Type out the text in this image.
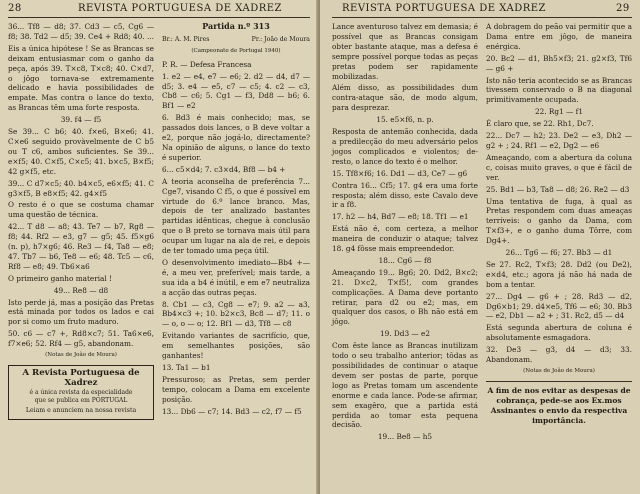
28	REVISTA PORTUGUESA DE XADREZ

36... Tf8 — d8; 37. Cd3 — c5, Cg6 — f8; 38. Td2 — d5; 39. Ce4 + Rd8; 40. ...

Eis a única hipótese ! Se as Brancas se deixam entusiasmar com o ganho da peça, após 39. T×c8, T×c8; 40. C×d7, o jôgo tornava-se extremamente delicado e havia possibilidades de empate. Mas contra o lance do texto, as Brancas têm uma forte resposta.

39. f4 — f5

Se 39... C b6; 40. f×e6, B×e6; 41. C×e6 seguido provàvelmente de C b5 ou T c6, ambos suficientes. Se 39... e×f5; 40. C×f5, C×c5; 41. b×c5, B×f5; 42 g×f5, etc.

39... C d7×c5; 40. b4×c5, e6×f5; 41. C g3×f5, B e8×f5; 42. g4×f5

O resto é o que se costuma chamar uma questão de técnica.

42... T d8 — a8; 43. Te7 — b7, Rg8 — f8; 44. Rf2 — e3, g7 — g5; 45. f5×g6 (n. p), h7×g6; 46. Re3 — f4, Ta8 — e8; 47. Tb7 — b6, Te8 — e6; 48. Tc5 — c6, Rf8 — e8; 49. Tb6×a6

O primeiro ganho material !

49... Re8 — d8

Isto perde já, mas a posição das Pretas está minada por todos os lados e cai por si como um fruto maduro.

50. c6 — c7 +, Rd8×c7; 51. Ta6×e6, f7×e6; 52. Rf4 — g5, abandonam.

(Notas de João de Moura)
A Revista Portuguesa de Xadrez
é a única revista da especialidade
que se publica em PORTUGAL
Leiam e anunciem na nossa revista
Partida n.º 313
Br.: A. M. Pires	Pr.: João de Moura
(Campeonato de Portugal 1940)

P. R. — Defesa Francesa

1. e2 — e4, e7 — e6; 2. d2 — d4, d7 — d5; 3. e4 — e5, c7 — c5; 4. c2 — c3, Cb8 — c6; 5. Cg1 — f3, Dd8 — b6; 6. Bf1 — e2

6. Bd3 é mais conhecido; mas, se passados dois lances, o B deve voltar a e2, porque não jogá-lo, directamente? Na opinião de alguns, o lance do texto é superior.

6... c5×d4; 7. c3×d4, Bf8 — b4 +

A teoria aconselha de preferência 7... Cge7, visando C f5, o que é possível em virtude do 6.º lance branco. Mas, depois de ter analizado bastantes partidas idênticas, chegue à conclusão que o B preto se tornava mais útil para ocupar um lugar na ala de rei, e depois de ter tomado uma peça útil.

O desenvolvimento imediato—Bb4 +— é, a meu ver, preferível; mais tarde, a sua ida a b4 é inútil, e em e7 neutraliza a acção das outras peças.

8. Cb1 — c3, Cg8 — e7; 9. a2 — a3, Bb4×c3 +; 10. b2×c3, Bc8 — d7; 11. o — o, o — o; 12. Bf1 — d3, Tf8 — c8

Evitando variantes de sacrifício, que, em semelhantes posições, são ganhantes!

13. Ta1 — b1

Pressuroso; as Pretas, sem perder tempo, colocam a Dama em excelente posição.

13... Db6 — c7; 14. Bd3 — c2, f7 — f5

REVISTA PORTUGUESA DE XADREZ	29

Lance aventuroso talvez em demasia; é possível que as Brancas consigam obter bastante ataque, mas a defesa é sempre possível porque todas as peças pretas podem ser rapidamente mobilizadas.

Além disso, as possibilidades dum contra-ataque são, de modo algum, para desprezar.

15. e5×f6, n. p.

Resposta de antemão conhecida, dada a predilecção do meu adversário pelos jogos complicados e violentos; de-resto, o lance do texto é o melhor.

15. Tf8×f6; 16. Dd1 — d3, Ce7 — g6

Contra 16... Cf5; 17. g4 era uma forte resposta; além disso, este Cavalo deve ir a f8.

17. h2 — h4, Bd7 — e8; 18. Tf1 — e1

Está não é, com certeza, a melhor maneira de conduzir o ataque; talvez 18. g4 fôsse mais empreendedor.

18... Cg6 — f8

Ameaçando 19... Bg6; 20. Dd2, B×c2; 21. D×c2, T×f5!, com grandes complicações. A Dama deve portanto retirar, para d2 ou e2; mas, em qualquer dos casos, o Bh não está em jôgo.

19. Dd3 — e2

Com êste lance as Brancas inutilizam todo o seu trabalho anterior; tôdas as possibilidades de continuar o ataque devem ser postas de parte, porque logo as Pretas tomam um ascendente enorme e cada lance. Pode-se afirmar, sem exagêro, que a partida está perdida ao tomar esta pequena decisão.

19... Be8 — h5

A dobragem do peão vai permitir que a Dama entre em jôgo, de maneira enérgica.

20. Bc2 — d1, Bh5×f3; 21. g2×f3, Tf6 — g6 +

Isto não teria acontecido se as Brancas tivessem conservado o B na diagonal primitivamente ocupada.

22. Rg1 — f1

É claro que, se 22. Rh1, Dc7.

22... Dc7 — h2; 23. De2 — e3, Dh2 — g2 + ; 24. Rf1 — e2, Dg2 — e6

Ameaçando, com a abertura da coluna c, coisas muito graves, o que é fácil de ver.

25. Bd1 — b3, Ta8 — d8; 26. Re2 — d3

Uma tentativa de fuga, à qual as Pretas respondem com duas ameaças terríveis: o ganho da Dama, com T×f3+, e o ganho duma Tôrre, com Dg4+.

26... Tg6 — f6; 27. Bb3 — d1

Se 27. Rc2, T×f3; 28. Dd2 (ou De2), e×d4, etc.; agora já não há nada de bom a tentar.

27... Dg4 — g6 + ; 28. Rd3 — d2, Dg6×b1; 29. d4×e5, Tf6 — e6; 30. Bb3 — e2, Db1 — a2 + ; 31. Rc2, d5 — d4

Está segunda abertura de coluna é absolutamente esmagadora.

32. De3 — g3, d4 — d3; 33. Abandonam.

(Notas de João de Moura)
A fim de nos evitar as despesas de cobrança, pede-se aos Ex.mos Assinantes o envio da respectiva importância.
